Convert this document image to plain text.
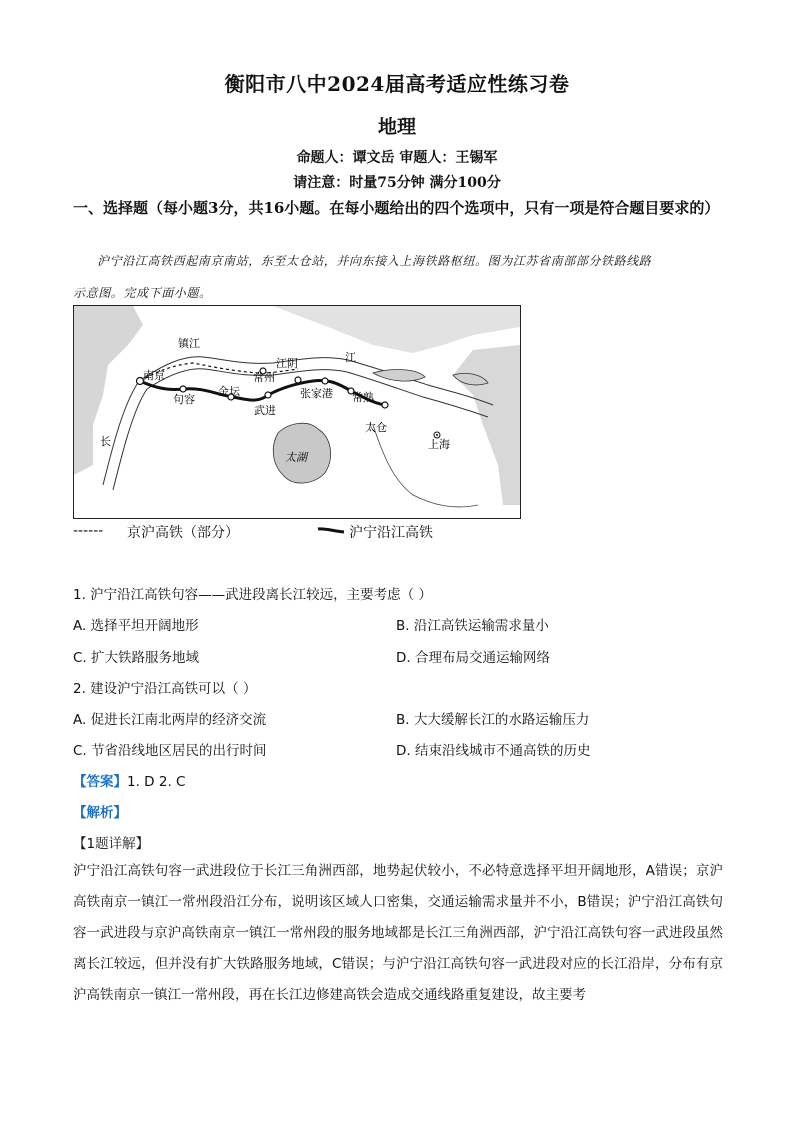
衡阳市八中2024届高考适应性练习卷
地理
命题人：谭文岳 审题人：王锡军
请注意：时量75分钟 满分100分
一、选择题（每小题3分，共16小题。在每小题给出的四个选项中，只有一项是符合题目要求的）
沪宁沿江高铁西起南京南站，东至太仓站，并向东接入上海铁路枢纽。图为江苏省南部部分铁路线路
示意图。完成下面小题。
镇江
南京
句容
金坛
武进
常州
江阴
张家港 常熟
太仓
上海
太湖
江
长
------ 京沪高铁（部分）	沪宁沿江高铁
1. 沪宁沿江高铁句容——武进段离长江较远，主要考虑（ ）
A. 选择平坦开阔地形	B. 沿江高铁运输需求量小
C. 扩大铁路服务地域	D. 合理布局交通运输网络
2. 建设沪宁沿江高铁可以（ ）
A. 促进长江南北两岸的经济交流	B. 大大缓解长江的水路运输压力
C. 节省沿线地区居民的出行时间	D. 结束沿线城市不通高铁的历史
【答案】1. D 2. C
【解析】
【1题详解】
沪宁沿江高铁句容一武进段位于长江三角洲西部，地势起伏较小，不必特意选择平坦开阔地形，A错误；京沪高铁南京一镇江一常州段沿江分布，说明该区域人口密集，交通运输需求量并不小，B错误；沪宁沿江高铁句容一武进段与京沪高铁南京一镇江一常州段的服务地域都是长江三角洲西部，沪宁沿江高铁句容一武进段虽然离长江较远，但并没有扩大铁路服务地域，C错误；与沪宁沿江高铁句容一武进段对应的长江沿岸，分布有京沪高铁南京一镇江一常州段，再在长江边修建高铁会造成交通线路重复建设，故主要考
